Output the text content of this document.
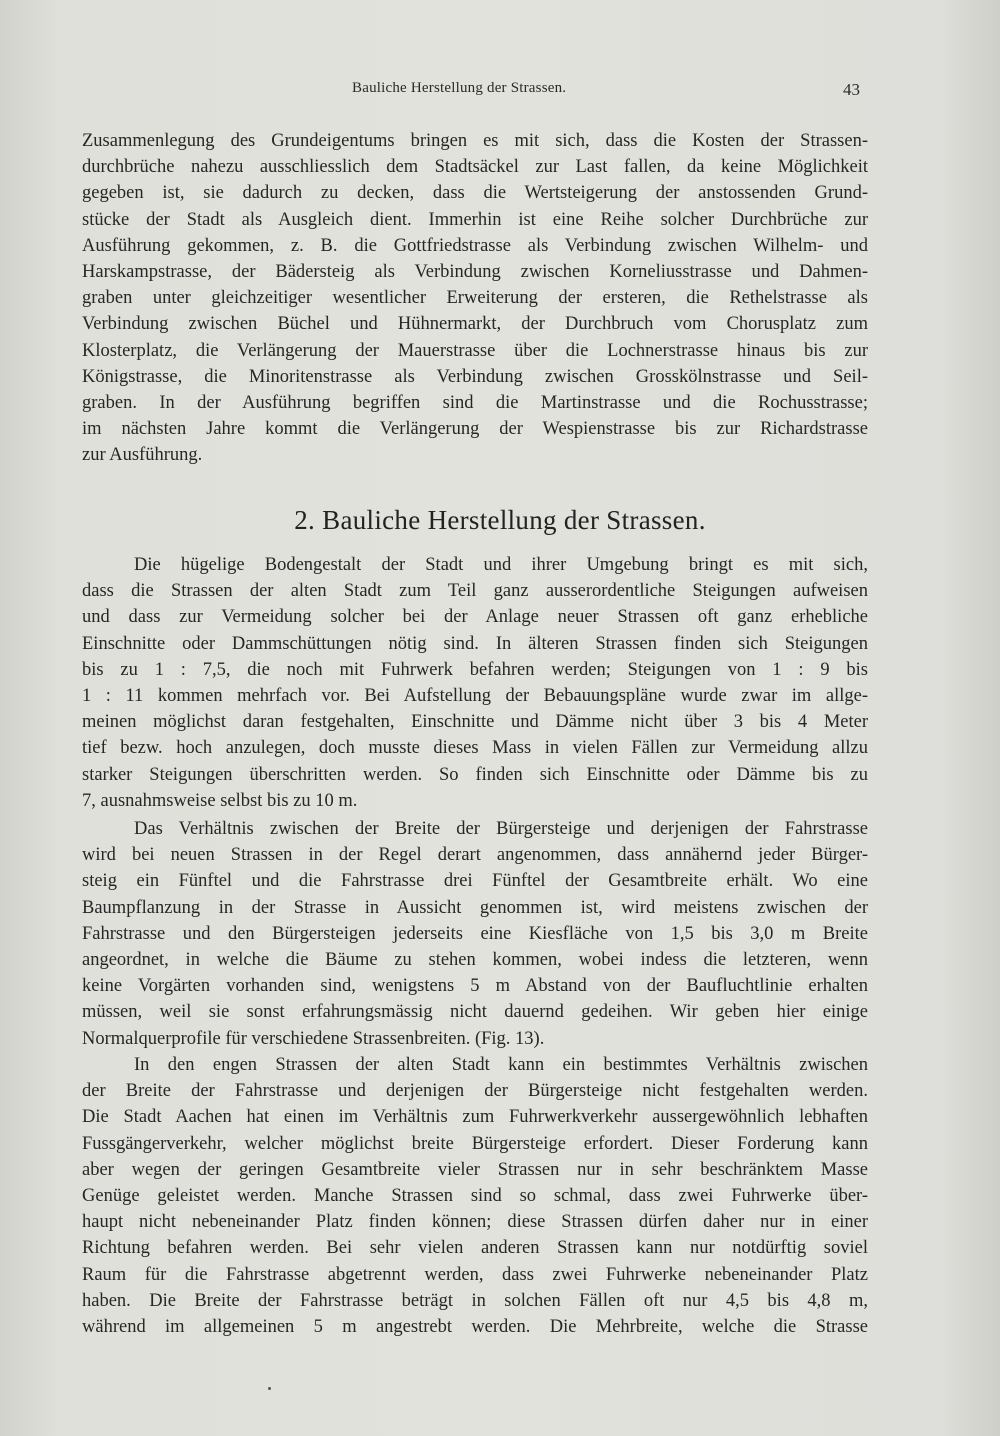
Bauliche Herstellung der Strassen.	43
Zusammenlegung des Grundeigentums bringen es mit sich, dass die Kosten der Strassen-
durchbrüche nahezu ausschliesslich dem Stadtsäckel zur Last fallen, da keine Möglichkeit
gegeben ist, sie dadurch zu decken, dass die Wertsteigerung der anstossenden Grund-
stücke der Stadt als Ausgleich dient. Immerhin ist eine Reihe solcher Durchbrüche zur
Ausführung gekommen, z. B. die Gottfriedstrasse als Verbindung zwischen Wilhelm- und
Harskampstrasse, der Bädersteig als Verbindung zwischen Korneliusstrasse und Dahmen-
graben unter gleichzeitiger wesentlicher Erweiterung der ersteren, die Rethelstrasse als
Verbindung zwischen Büchel und Hühnermarkt, der Durchbruch vom Chorusplatz zum
Klosterplatz, die Verlängerung der Mauerstrasse über die Lochnerstrasse hinaus bis zur
Königstrasse, die Minoritenstrasse als Verbindung zwischen Grosskölnstrasse und Seil-
graben. In der Ausführung begriffen sind die Martinstrasse und die Rochusstrasse;
im nächsten Jahre kommt die Verlängerung der Wespienstrasse bis zur Richardstrasse
zur Ausführung.
2. Bauliche Herstellung der Strassen.
Die hügelige Bodengestalt der Stadt und ihrer Umgebung bringt es mit sich,
dass die Strassen der alten Stadt zum Teil ganz ausserordentliche Steigungen aufweisen
und dass zur Vermeidung solcher bei der Anlage neuer Strassen oft ganz erhebliche
Einschnitte oder Dammschüttungen nötig sind. In älteren Strassen finden sich Steigungen
bis zu 1 : 7,5, die noch mit Fuhrwerk befahren werden; Steigungen von 1 : 9 bis
1 : 11 kommen mehrfach vor. Bei Aufstellung der Bebauungspläne wurde zwar im allge-
meinen möglichst daran festgehalten, Einschnitte und Dämme nicht über 3 bis 4 Meter
tief bezw. hoch anzulegen, doch musste dieses Mass in vielen Fällen zur Vermeidung allzu
starker Steigungen überschritten werden. So finden sich Einschnitte oder Dämme bis zu
7, ausnahmsweise selbst bis zu 10 m.
Das Verhältnis zwischen der Breite der Bürgersteige und derjenigen der Fahrstrasse
wird bei neuen Strassen in der Regel derart angenommen, dass annähernd jeder Bürger-
steig ein Fünftel und die Fahrstrasse drei Fünftel der Gesamtbreite erhält. Wo eine
Baumpflanzung in der Strasse in Aussicht genommen ist, wird meistens zwischen der
Fahrstrasse und den Bürgersteigen jederseits eine Kiesfläche von 1,5 bis 3,0 m Breite
angeordnet, in welche die Bäume zu stehen kommen, wobei indess die letzteren, wenn
keine Vorgärten vorhanden sind, wenigstens 5 m Abstand von der Baufluchtlinie erhalten
müssen, weil sie sonst erfahrungsmässig nicht dauernd gedeihen. Wir geben hier einige
Normalquerprofile für verschiedene Strassenbreiten. (Fig. 13).
In den engen Strassen der alten Stadt kann ein bestimmtes Verhältnis zwischen
der Breite der Fahrstrasse und derjenigen der Bürgersteige nicht festgehalten werden.
Die Stadt Aachen hat einen im Verhältnis zum Fuhrwerkverkehr aussergewöhnlich lebhaften
Fussgängerverkehr, welcher möglichst breite Bürgersteige erfordert. Dieser Forderung kann
aber wegen der geringen Gesamtbreite vieler Strassen nur in sehr beschränktem Masse
Genüge geleistet werden. Manche Strassen sind so schmal, dass zwei Fuhrwerke über-
haupt nicht nebeneinander Platz finden können; diese Strassen dürfen daher nur in einer
Richtung befahren werden. Bei sehr vielen anderen Strassen kann nur notdürftig soviel
Raum für die Fahrstrasse abgetrennt werden, dass zwei Fuhrwerke nebeneinander Platz
haben. Die Breite der Fahrstrasse beträgt in solchen Fällen oft nur 4,5 bis 4,8 m,
während im allgemeinen 5 m angestrebt werden. Die Mehrbreite, welche die Strasse
